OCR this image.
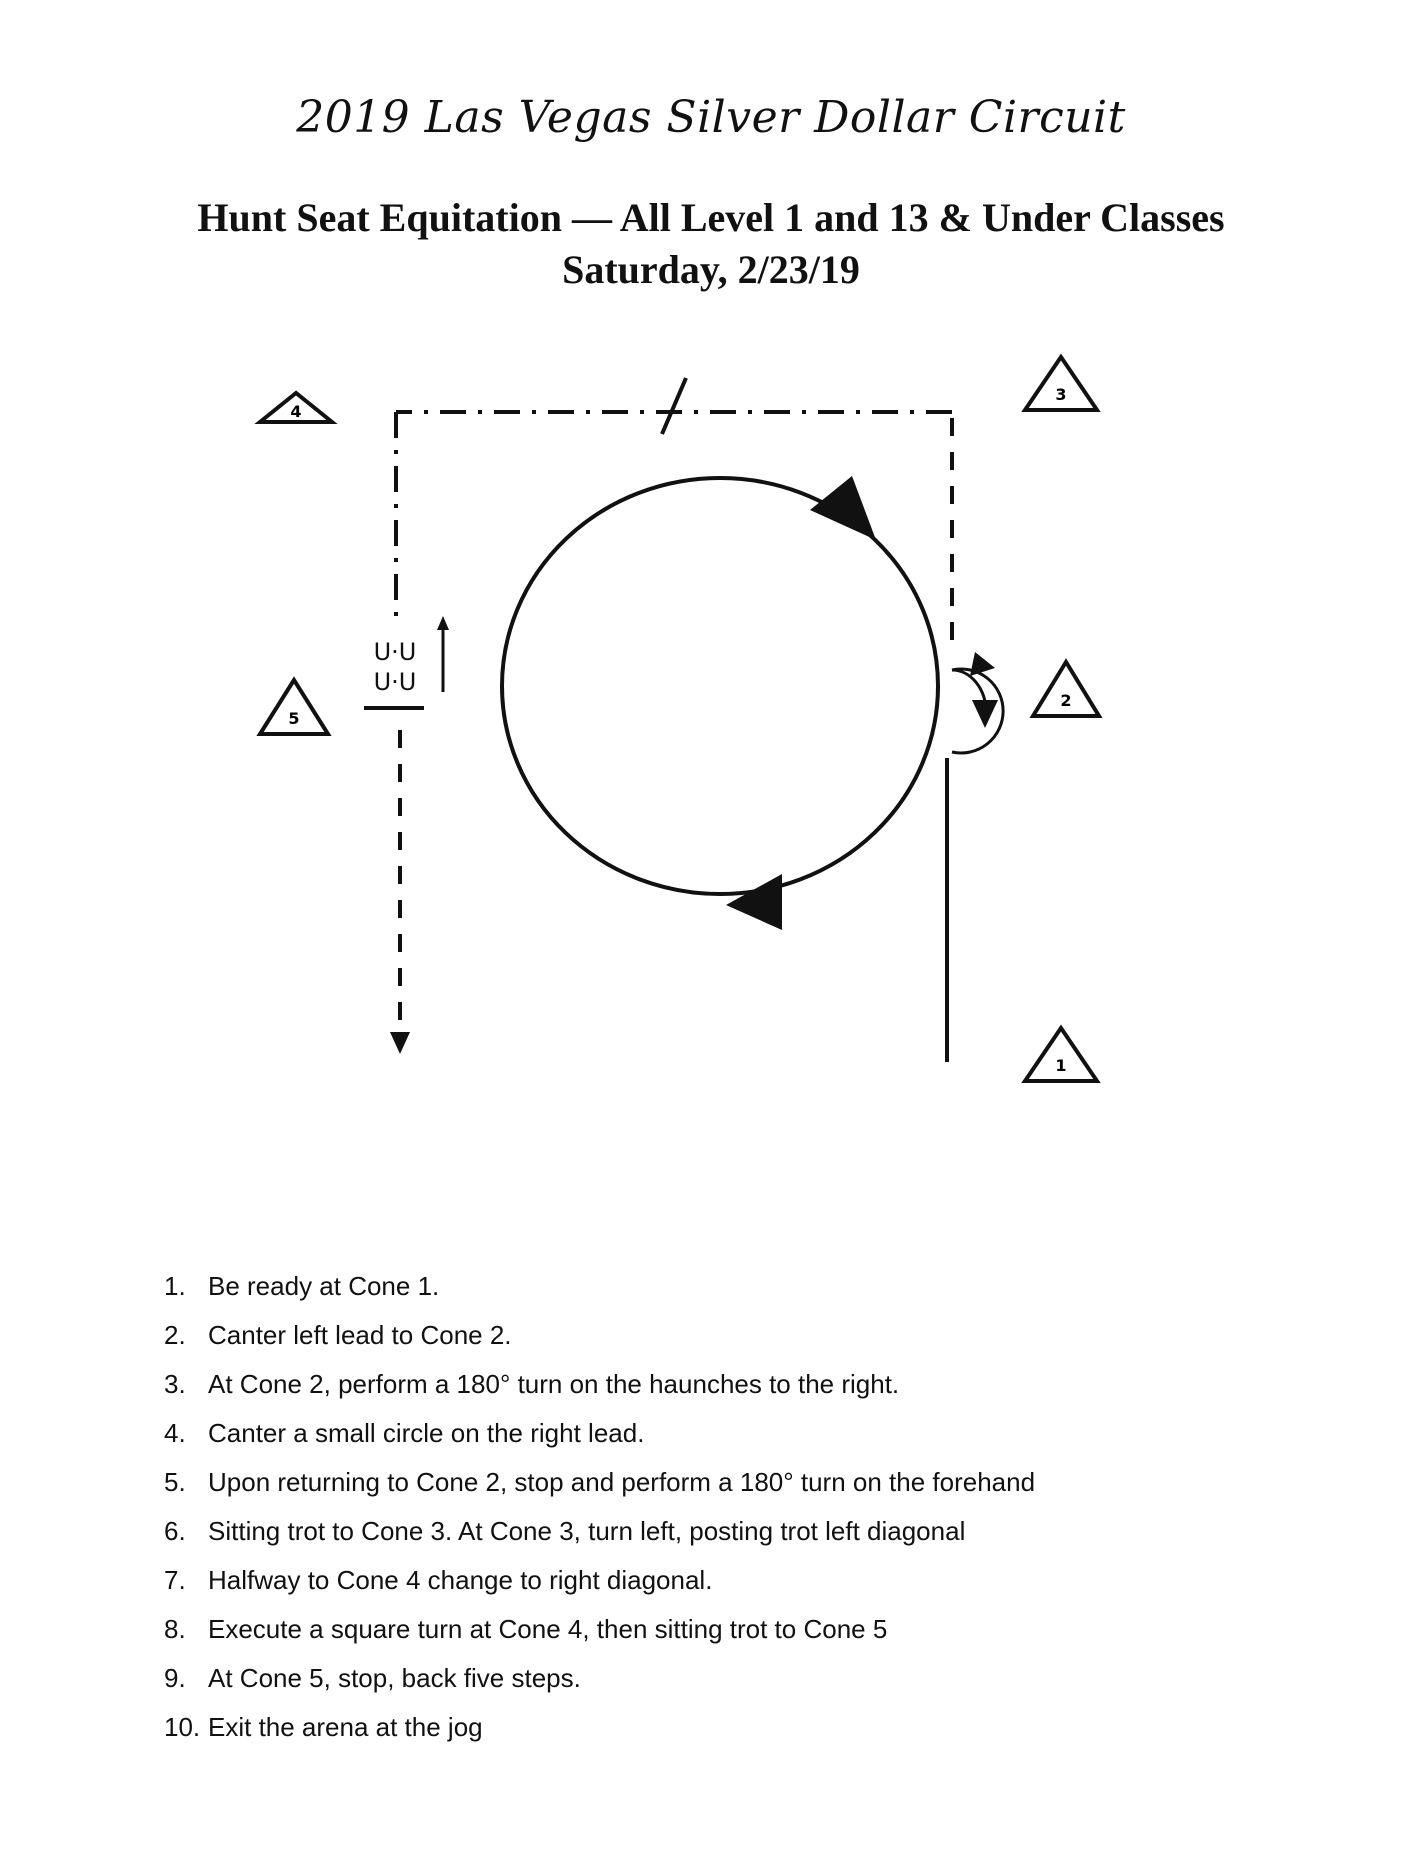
2019 Las Vegas Silver Dollar Circuit
Hunt Seat Equitation — All Level 1 and 13 & Under Classes
Saturday, 2/23/19
4
3
5
2
1
U·U
U·U
1. Be ready at Cone 1.
2. Canter left lead to Cone 2.
3. At Cone 2, perform a 180° turn on the haunches to the right.
4. Canter a small circle on the right lead.
5. Upon returning to Cone 2, stop and perform a 180° turn on the forehand
6. Sitting trot to Cone 3. At Cone 3, turn left, posting trot left diagonal
7. Halfway to Cone 4 change to right diagonal.
8. Execute a square turn at Cone 4, then sitting trot to Cone 5
9. At Cone 5, stop, back five steps.
10. Exit the arena at the jog
